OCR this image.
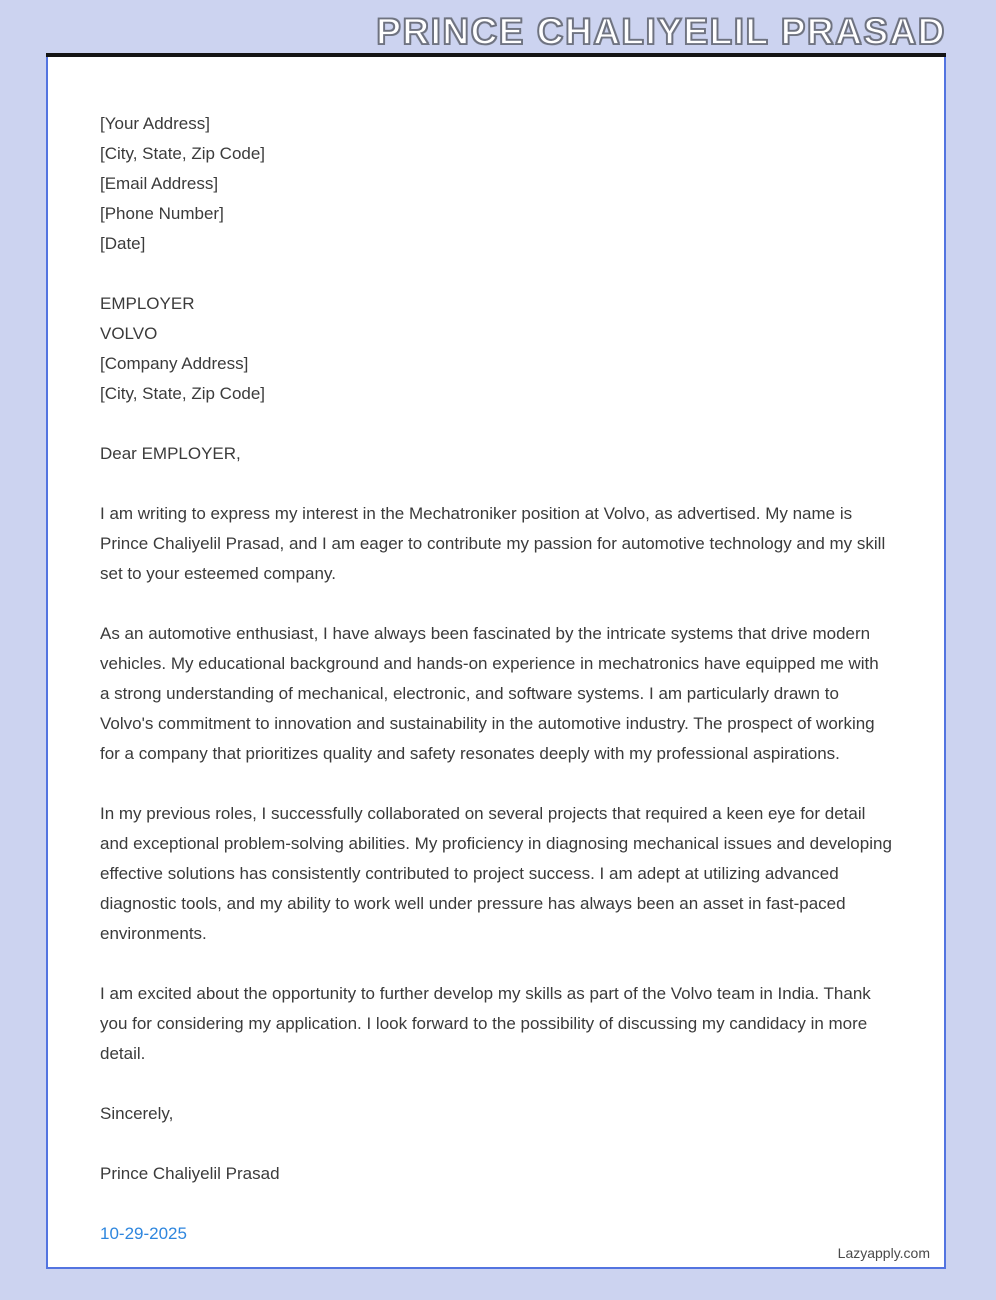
PRINCE CHALIYELIL PRASAD
[Your Address]
[City, State, Zip Code]
[Email Address]
[Phone Number]
[Date]
EMPLOYER
VOLVO
[Company Address]
[City, State, Zip Code]
Dear EMPLOYER,
I am writing to express my interest in the Mechatroniker position at Volvo, as advertised. My name is Prince Chaliyelil Prasad, and I am eager to contribute my passion for automotive technology and my skill set to your esteemed company.
As an automotive enthusiast, I have always been fascinated by the intricate systems that drive modern vehicles. My educational background and hands-on experience in mechatronics have equipped me with a strong understanding of mechanical, electronic, and software systems. I am particularly drawn to Volvo's commitment to innovation and sustainability in the automotive industry. The prospect of working for a company that prioritizes quality and safety resonates deeply with my professional aspirations.
In my previous roles, I successfully collaborated on several projects that required a keen eye for detail and exceptional problem-solving abilities. My proficiency in diagnosing mechanical issues and developing effective solutions has consistently contributed to project success. I am adept at utilizing advanced diagnostic tools, and my ability to work well under pressure has always been an asset in fast-paced environments.
I am excited about the opportunity to further develop my skills as part of the Volvo team in India. Thank you for considering my application. I look forward to the possibility of discussing my candidacy in more detail.
Sincerely,
Prince Chaliyelil Prasad
10-29-2025
Lazyapply.com
